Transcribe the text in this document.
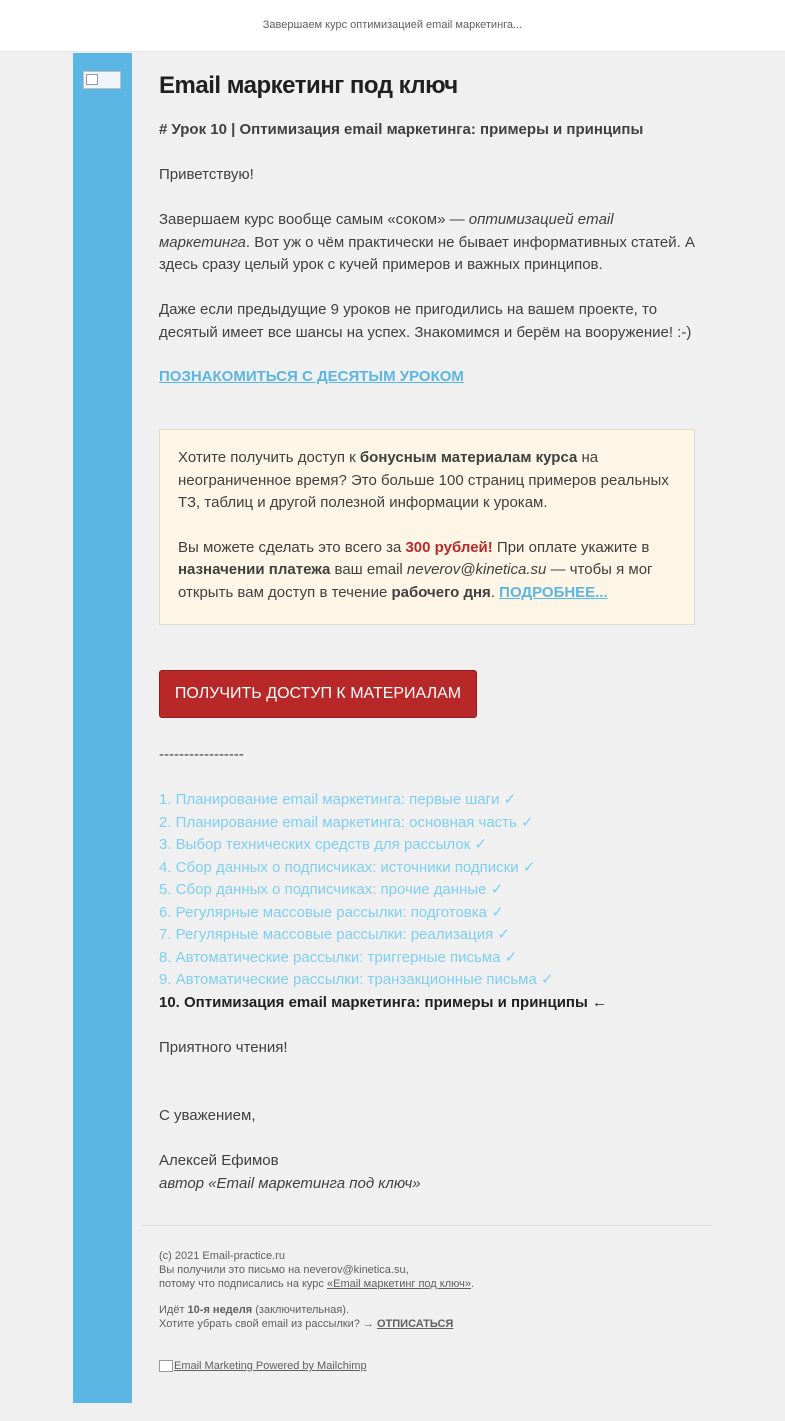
Завершаем курс оптимизацией email маркетинга...
Email маркетинг под ключ
# Урок 10 | Оптимизация email маркетинга: примеры и принципы
Приветствую!
Завершаем курс вообще самым «соком» — оптимизацией email маркетинга. Вот уж о чём практически не бывает информативных статей. А здесь сразу целый урок с кучей примеров и важных принципов.
Даже если предыдущие 9 уроков не пригодились на вашем проекте, то десятый имеет все шансы на успех. Знакомимся и берём на вооружение! :-)
ПОЗНАКОМИТЬСЯ С ДЕСЯТЫМ УРОКОМ
Хотите получить доступ к бонусным материалам курса на неограниченное время? Это больше 100 страниц примеров реальных ТЗ, таблиц и другой полезной информации к урокам.
Вы можете сделать это всего за 300 рублей! При оплате укажите в назначении платежа ваш email neverov@kinetica.su — чтобы я мог открыть вам доступ в течение рабочего дня. ПОДРОБНЕЕ...
ПОЛУЧИТЬ ДОСТУП К МАТЕРИАЛАМ
-----------------
1. Планирование email маркетинга: первые шаги ✓
2. Планирование email маркетинга: основная часть ✓
3. Выбор технических средств для рассылок ✓
4. Сбор данных о подписчиках: источники подписки ✓
5. Сбор данных о подписчиках: прочие данные ✓
6. Регулярные массовые рассылки: подготовка ✓
7. Регулярные массовые рассылки: реализация ✓
8. Автоматические рассылки: триггерные письма ✓
9. Автоматические рассылки: транзакционные письма ✓
10. Оптимизация email маркетинга: примеры и принципы ←
Приятного чтения!
С уважением,
Алексей Ефимов
автор «Email маркетинга под ключ»
(с) 2021 Email-practice.ru
Вы получили это письмо на neverov@kinetica.su,
потому что подписались на курс «Email маркетинг под ключ».
Идёт 10-я неделя (заключительная).
Хотите убрать свой email из рассылки? → ОТПИСАТЬСЯ
Email Marketing Powered by Mailchimp
